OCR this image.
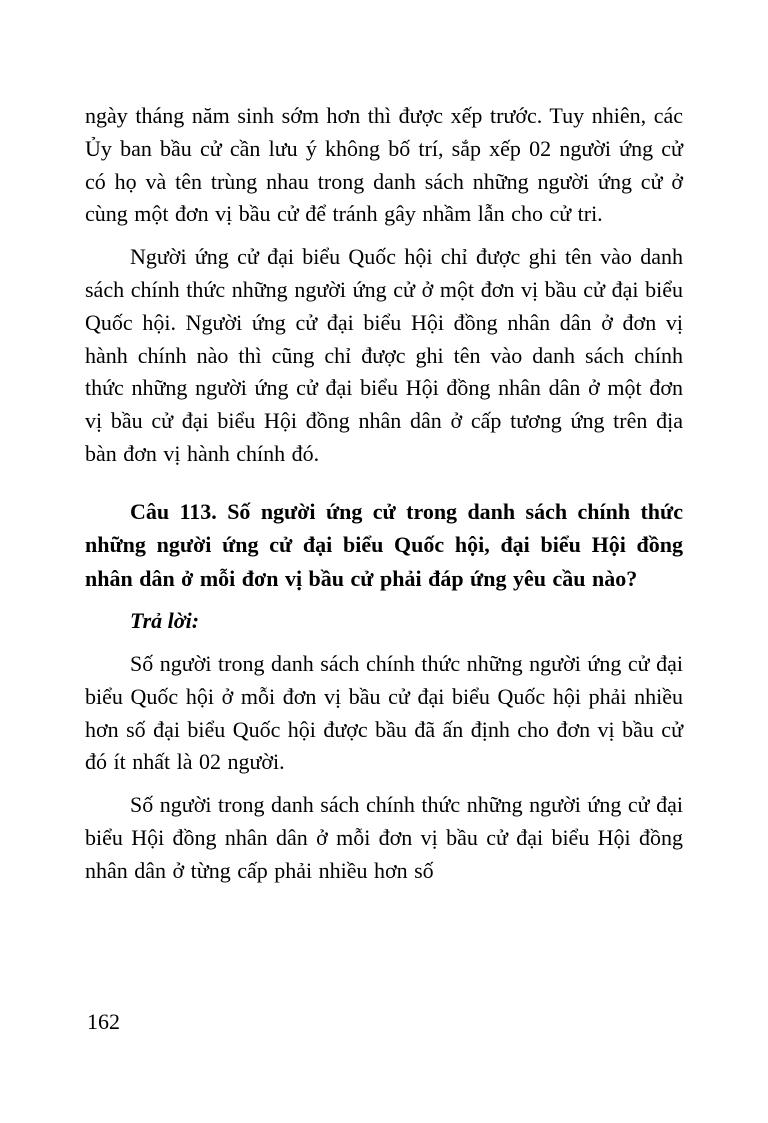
ngày tháng năm sinh sớm hơn thì được xếp trước. Tuy nhiên, các Ủy ban bầu cử cần lưu ý không bố trí, sắp xếp 02 người ứng cử có họ và tên trùng nhau trong danh sách những người ứng cử ở cùng một đơn vị bầu cử để tránh gây nhầm lẫn cho cử tri.

Người ứng cử đại biểu Quốc hội chỉ được ghi tên vào danh sách chính thức những người ứng cử ở một đơn vị bầu cử đại biểu Quốc hội. Người ứng cử đại biểu Hội đồng nhân dân ở đơn vị hành chính nào thì cũng chỉ được ghi tên vào danh sách chính thức những người ứng cử đại biểu Hội đồng nhân dân ở một đơn vị bầu cử đại biểu Hội đồng nhân dân ở cấp tương ứng trên địa bàn đơn vị hành chính đó.

Câu 113. Số người ứng cử trong danh sách chính thức những người ứng cử đại biểu Quốc hội, đại biểu Hội đồng nhân dân ở mỗi đơn vị bầu cử phải đáp ứng yêu cầu nào?

Trả lời:

Số người trong danh sách chính thức những người ứng cử đại biểu Quốc hội ở mỗi đơn vị bầu cử đại biểu Quốc hội phải nhiều hơn số đại biểu Quốc hội được bầu đã ấn định cho đơn vị bầu cử đó ít nhất là 02 người.

Số người trong danh sách chính thức những người ứng cử đại biểu Hội đồng nhân dân ở mỗi đơn vị bầu cử đại biểu Hội đồng nhân dân ở từng cấp phải nhiều hơn số

162
